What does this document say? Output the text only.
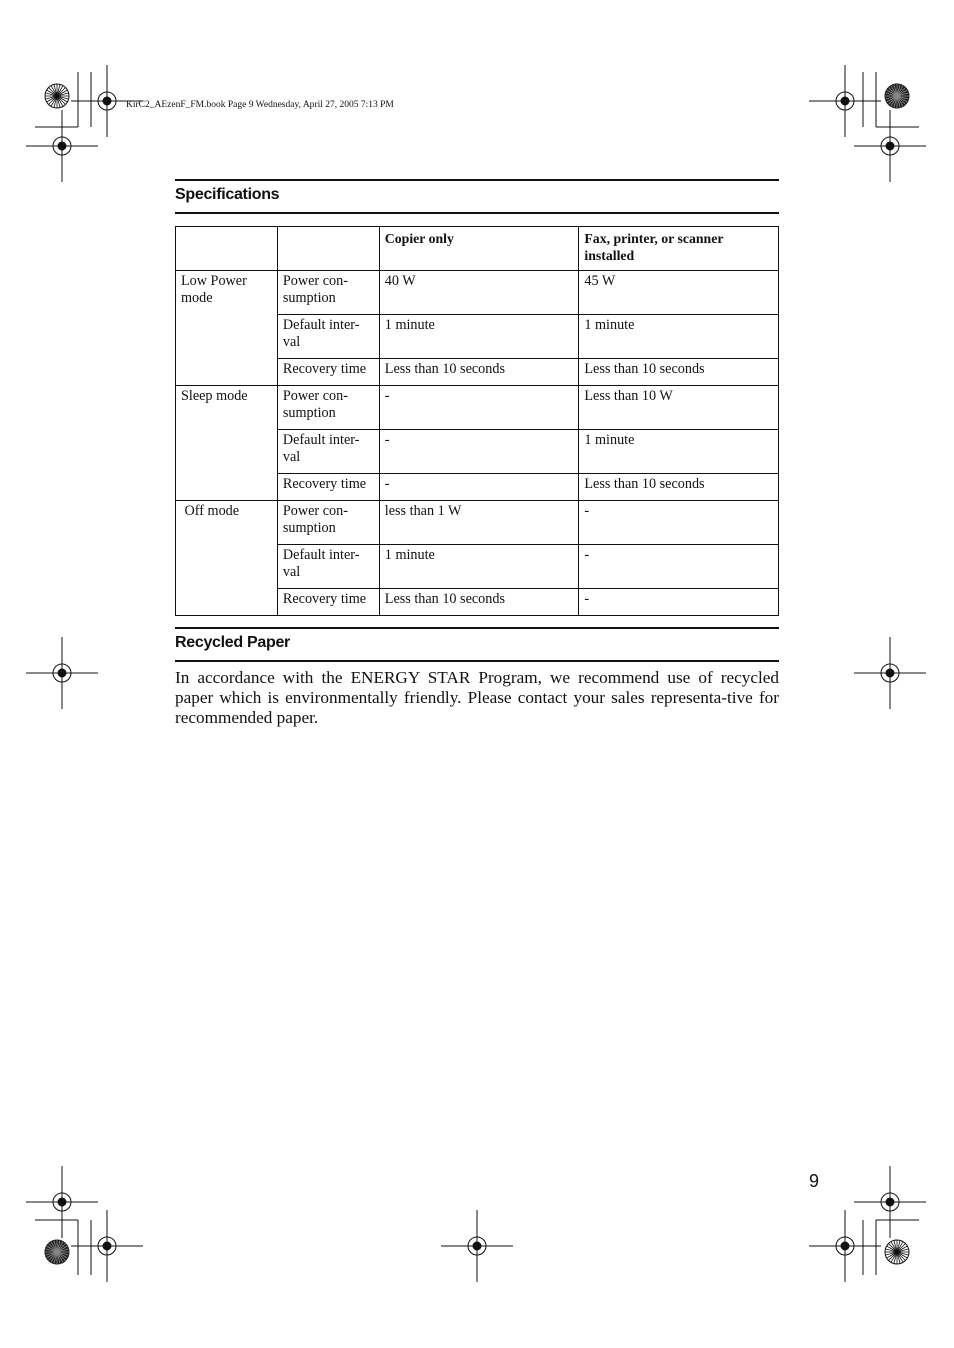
KirC2_AEzenF_FM.book Page 9 Wednesday, April 27, 2005 7:13 PM
Specifications
		Copier only	Fax, printer, or scanner installed
Low Power mode	Power con-sumption	40 W	45 W
	Default inter-val	1 minute	1 minute
	Recovery time	Less than 10 seconds	Less than 10 seconds
Sleep mode	Power con-sumption	-	Less than 10 W
	Default inter-val	-	1 minute
	Recovery time	-	Less than 10 seconds
Off mode	Power con-sumption	less than 1 W	-
	Default inter-val	1 minute	-
	Recovery time	Less than 10 seconds	-
Recycled Paper
In accordance with the ENERGY STAR Program, we recommend use of recycled paper which is environmentally friendly. Please contact your sales representa-tive for recommended paper.
9
